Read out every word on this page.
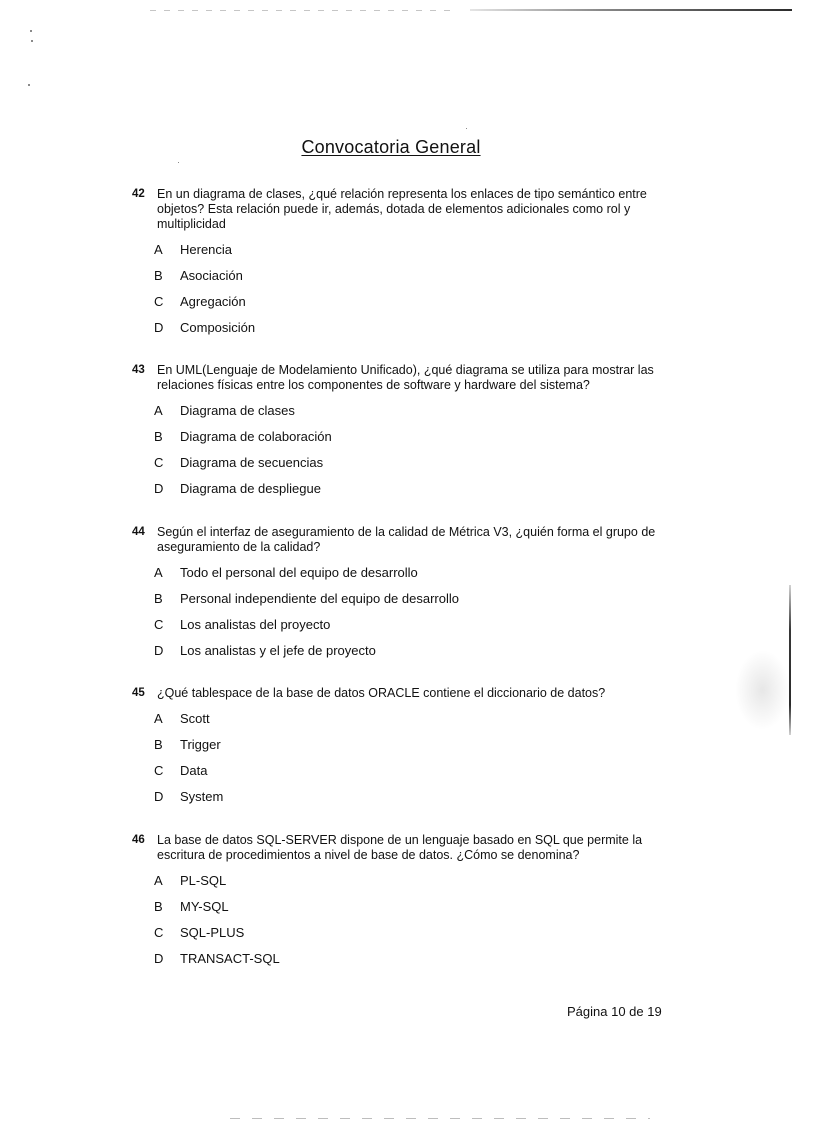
Convocatoria General
42 En un diagrama de clases, ¿qué relación representa los enlaces de tipo semántico entre objetos? Esta relación puede ir, además, dotada de elementos adicionales como rol y multiplicidad
A	Herencia
B	Asociación
C	Agregación
D	Composición
43 En UML(Lenguaje de Modelamiento Unificado), ¿qué diagrama se utiliza para mostrar las relaciones físicas entre los componentes de software y hardware del sistema?
A	Diagrama de clases
B	Diagrama de colaboración
C	Diagrama de secuencias
D	Diagrama de despliegue
44 Según el interfaz de aseguramiento de la calidad de Métrica V3, ¿quién forma el grupo de aseguramiento de la calidad?
A	Todo el personal del equipo de desarrollo
B	Personal independiente del equipo de desarrollo
C	Los analistas del proyecto
D	Los analistas y el jefe de proyecto
45 ¿Qué tablespace de la base de datos ORACLE contiene el diccionario de datos?
A	Scott
B	Trigger
C	Data
D	System
46 La base de datos SQL-SERVER dispone de un lenguaje basado en SQL que permite la escritura de procedimientos a nivel de base de datos. ¿Cómo se denomina?
A	PL-SQL
B	MY-SQL
C	SQL-PLUS
D	TRANSACT-SQL
Página 10 de 19
